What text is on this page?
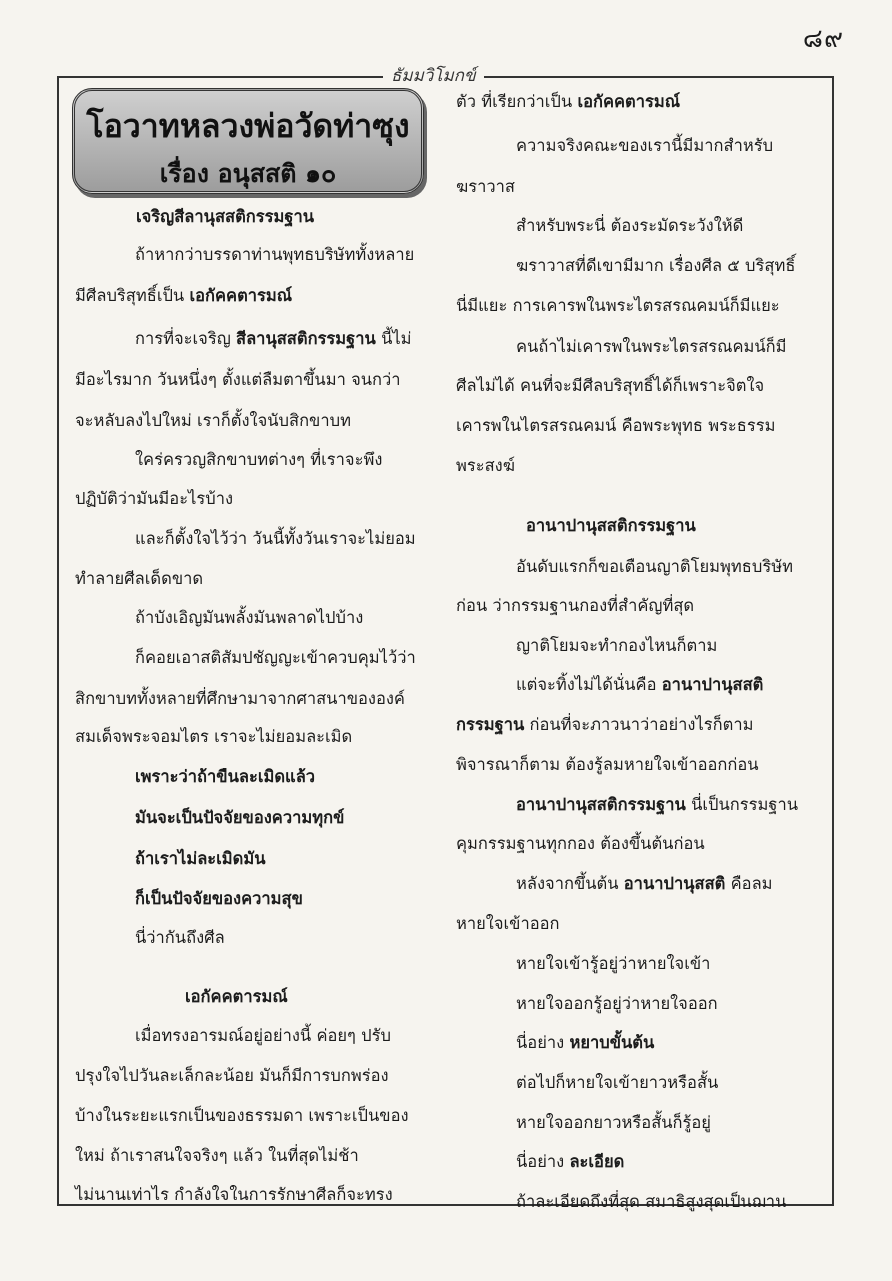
๘๙
ธัมมวิโมกข์
โอวาทหลวงพ่อวัดท่าซุง
เรื่อง อนุสสติ ๑๐
เจริญสีลานุสสติกรรมฐาน
ถ้าหากว่าบรรดาท่านพุทธบริษัททั้งหลาย
มีศีลบริสุทธิ์เป็น เอกัคคตารมณ์
การที่จะเจริญ สีลานุสสติกรรมฐาน นี้ไม่
มีอะไรมาก วันหนึ่งๆ ตั้งแต่ลืมตาขึ้นมา จนกว่า
จะหลับลงไปใหม่ เราก็ตั้งใจนับสิกขาบท
ใคร่ครวญสิกขาบทต่างๆ ที่เราจะพึง
ปฏิบัติว่ามันมีอะไรบ้าง
และก็ตั้งใจไว้ว่า วันนี้ทั้งวันเราจะไม่ยอม
ทำลายศีลเด็ดขาด
ถ้าบังเอิญมันพลั้งมันพลาดไปบ้าง
ก็คอยเอาสติสัมปชัญญะเข้าควบคุมไว้ว่า
สิกขาบททั้งหลายที่ศึกษามาจากศาสนาขององค์
สมเด็จพระจอมไตร เราจะไม่ยอมละเมิด
เพราะว่าถ้าขืนละเมิดแล้ว
มันจะเป็นปัจจัยของความทุกข์
ถ้าเราไม่ละเมิดมัน
ก็เป็นปัจจัยของความสุข
นี่ว่ากันถึงศีล
เอกัคคตารมณ์
เมื่อทรงอารมณ์อยู่อย่างนี้ ค่อยๆ ปรับ
ปรุงใจไปวันละเล็กละน้อย มันก็มีการบกพร่อง
บ้างในระยะแรกเป็นของธรรมดา เพราะเป็นของ
ใหม่ ถ้าเราสนใจจริงๆ แล้ว ในที่สุดไม่ช้า
ไม่นานเท่าไร กำลังใจในการรักษาศีลก็จะทรง
ตัว ที่เรียกว่าเป็น เอกัคคตารมณ์
ความจริงคณะของเรานี้มีมากสำหรับ
ฆราวาส
สำหรับพระนี่ ต้องระมัดระวังให้ดี
ฆราวาสที่ดีเขามีมาก เรื่องศีล ๕ บริสุทธิ์
นี่มีแยะ การเคารพในพระไตรสรณคมน์ก็มีแยะ
คนถ้าไม่เคารพในพระไตรสรณคมน์ก็มี
ศีลไม่ได้ คนที่จะมีศีลบริสุทธิ์ได้ก็เพราะจิตใจ
เคารพในไตรสรณคมน์ คือพระพุทธ พระธรรม
พระสงฆ์
อานาปานุสสติกรรมฐาน
อันดับแรกก็ขอเตือนญาติโยมพุทธบริษัท
ก่อน ว่ากรรมฐานกองที่สำคัญที่สุด
ญาติโยมจะทำกองไหนก็ตาม
แต่จะทิ้งไม่ได้นั่นคือ อานาปานุสสติ
กรรมฐาน ก่อนที่จะภาวนาว่าอย่างไรก็ตาม
พิจารณาก็ตาม ต้องรู้ลมหายใจเข้าออกก่อน
อานาปานุสสติกรรมฐาน นี่เป็นกรรมฐาน
คุมกรรมฐานทุกกอง ต้องขึ้นต้นก่อน
หลังจากขึ้นต้น อานาปานุสสติ คือลม
หายใจเข้าออก
หายใจเข้ารู้อยู่ว่าหายใจเข้า
หายใจออกรู้อยู่ว่าหายใจออก
นี่อย่าง หยาบขั้นต้น
ต่อไปก็หายใจเข้ายาวหรือสั้น
หายใจออกยาวหรือสั้นก็รู้อยู่
นี่อย่าง ละเอียด
ถ้าละเอียดถึงที่สุด สมาธิสูงสุดเป็นฌาน
